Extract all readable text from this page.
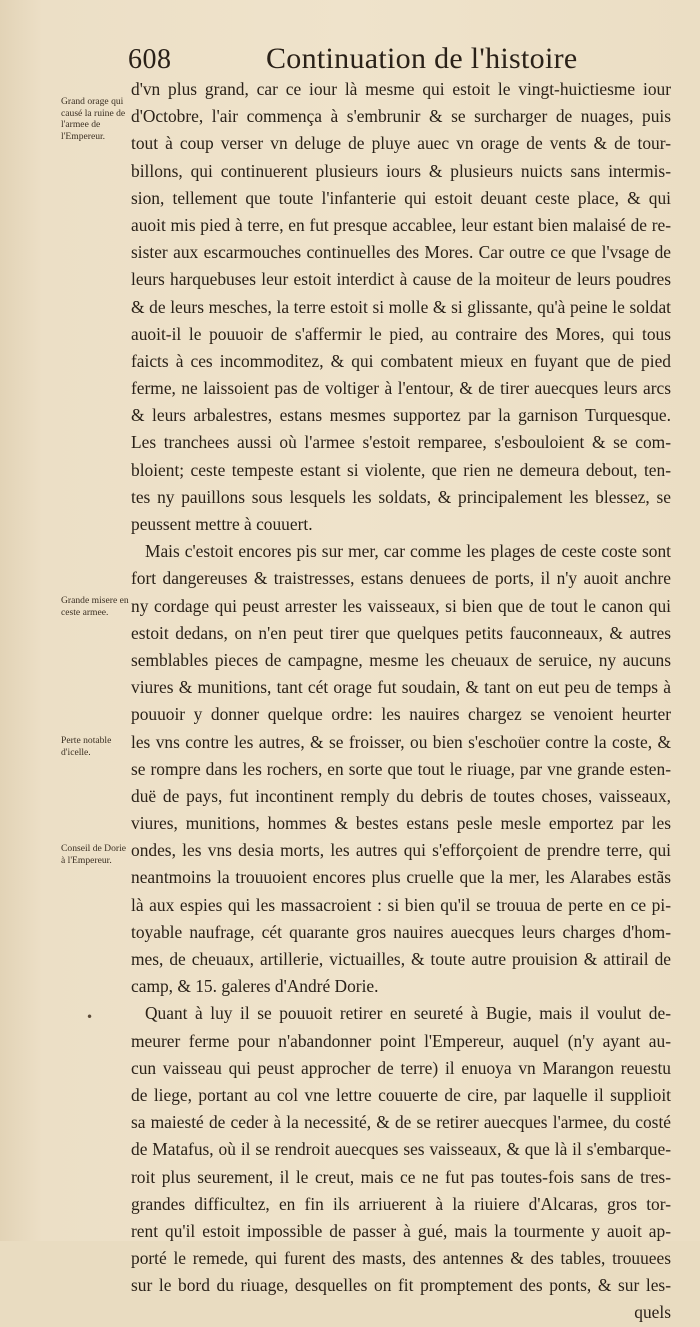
608	Continuation de l'histoire
Grand orage qui causé la ruine de l'armee de l'Empereur.
Grande misere en ceste armee.
Perte notable d'icelle.
Conseil de Dorie à l'Empereur.
d'vn plus grand, car ce iour là mesme qui estoit le vingt-huictiesme iour
d'Octobre, l'air commença à s'embrunir & se surcharger de nuages, puis
tout à coup verser vn deluge de pluye auec vn orage de vents & de tour-
billons, qui continuerent plusieurs iours & plusieurs nuicts sans intermis-
sion, tellement que toute l'infanterie qui estoit deuant ceste place, & qui
auoit mis pied à terre, en fut presque accablee, leur estant bien malaisé de re-
sister aux escarmouches continuelles des Mores. Car outre ce que l'vsage de
leurs harquebuses leur estoit interdict à cause de la moiteur de leurs poudres
& de leurs mesches, la terre estoit si molle & si glissante, qu'à peine le soldat
auoit-il le pouuoir de s'affermir le pied, au contraire des Mores, qui tous
faicts à ces incommoditez, & qui combatent mieux en fuyant que de pied
ferme, ne laissoient pas de voltiger à l'entour, & de tirer auecques leurs arcs
& leurs arbalestres, estans mesmes supportez par la garnison Turquesque.
Les tranchees aussi où l'armee s'estoit remparee, s'esbouloient & se com-
bloient; ceste tempeste estant si violente, que rien ne demeura debout, ten-
tes ny pauillons sous lesquels les soldats, & principalement les blessez, se
peussent mettre à couuert.
Mais c'estoit encores pis sur mer, car comme les plages de ceste coste sont
fort dangereuses & traistresses, estans denuees de ports, il n'y auoit anchre
ny cordage qui peust arrester les vaisseaux, si bien que de tout le canon qui
estoit dedans, on n'en peut tirer que quelques petits fauconneaux, & autres
semblables pieces de campagne, mesme les cheuaux de seruice, ny aucuns
viures & munitions, tant cét orage fut soudain, & tant on eut peu de temps à
pouuoir y donner quelque ordre: les nauires chargez se venoient heurter
les vns contre les autres, & se froisser, ou bien s'eschoüer contre la coste, &
se rompre dans les rochers, en sorte que tout le riuage, par vne grande esten-
duë de pays, fut incontinent remply du debris de toutes choses, vaisseaux,
viures, munitions, hommes & bestes estans pesle mesle emportez par les
ondes, les vns desia morts, les autres qui s'efforçoient de prendre terre, qui
neantmoins la trouuoient encores plus cruelle que la mer, les Alarabes estãs
là aux espies qui les massacroient : si bien qu'il se trouua de perte en ce pi-
toyable naufrage, cét quarante gros nauires auecques leurs charges d'hom-
mes, de cheuaux, artillerie, victuailles, & toute autre prouision & attirail de
camp, & 15. galeres d'André Dorie.
Quant à luy il se pouuoit retirer en seureté à Bugie, mais il voulut de-
meurer ferme pour n'abandonner point l'Empereur, auquel (n'y ayant au-
cun vaisseau qui peust approcher de terre) il enuoya vn Marangon reuestu
de liege, portant au col vne lettre couuerte de cire, par laquelle il supplioit
sa maiesté de ceder à la necessité, & de se retirer auecques l'armee, du costé
de Matafus, où il se rendroit auecques ses vaisseaux, & que là il s'embarque-
roit plus seurement, il le creut, mais ce ne fut pas toutes-fois sans de tres-
grandes difficultez, en fin ils arriuerent à la riuiere d'Alcaras, gros tor-
rent qu'il estoit impossible de passer à gué, mais la tourmente y auoit ap-
porté le remede, qui furent des masts, des antennes & des tables, trouuees
sur le bord du riuage, desquelles on fit promptement des ponts, & sur les-
quels
•
